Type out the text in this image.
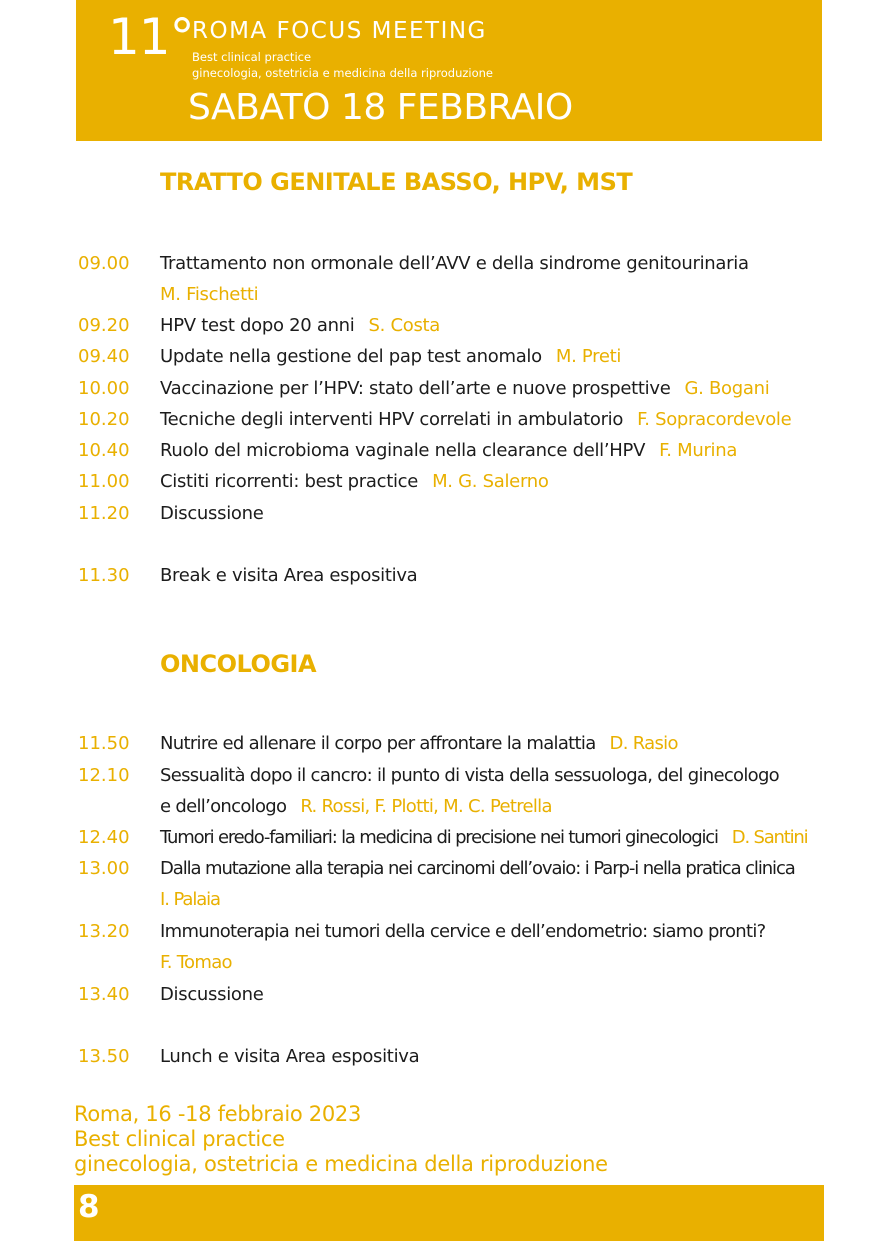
11°
ROMA FOCUS MEETING
Best clinical practice
ginecologia, ostetricia e medicina della riproduzione
SABATO 18 FEBBRAIO
TRATTO GENITALE BASSO, HPV, MST
09.00 Trattamento non ormonale dell’AVV e della sindrome genitourinaria
M. Fischetti
09.20 HPV test dopo 20 anni S. Costa
09.40 Update nella gestione del pap test anomalo M. Preti
10.00 Vaccinazione per l’HPV: stato dell’arte e nuove prospettive G. Bogani
10.20 Tecniche degli interventi HPV correlati in ambulatorio F. Sopracordevole
10.40 Ruolo del microbioma vaginale nella clearance dell’HPV F. Murina
11.00 Cistiti ricorrenti: best practice M. G. Salerno
11.20 Discussione
11.30 Break e visita Area espositiva
ONCOLOGIA
11.50 Nutrire ed allenare il corpo per affrontare la malattia D. Rasio
12.10 Sessualità dopo il cancro: il punto di vista della sessuologa, del ginecologo
e dell’oncologo R. Rossi, F. Plotti, M. C. Petrella
12.40 Tumori eredo-familiari: la medicina di precisione nei tumori ginecologici D. Santini
13.00 Dalla mutazione alla terapia nei carcinomi dell’ovaio: i Parp-i nella pratica clinica
I. Palaia
13.20 Immunoterapia nei tumori della cervice e dell’endometrio: siamo pronti?
F. Tomao
13.40 Discussione
13.50 Lunch e visita Area espositiva
Roma, 16 -18 febbraio 2023
Best clinical practice
ginecologia, ostetricia e medicina della riproduzione
8
